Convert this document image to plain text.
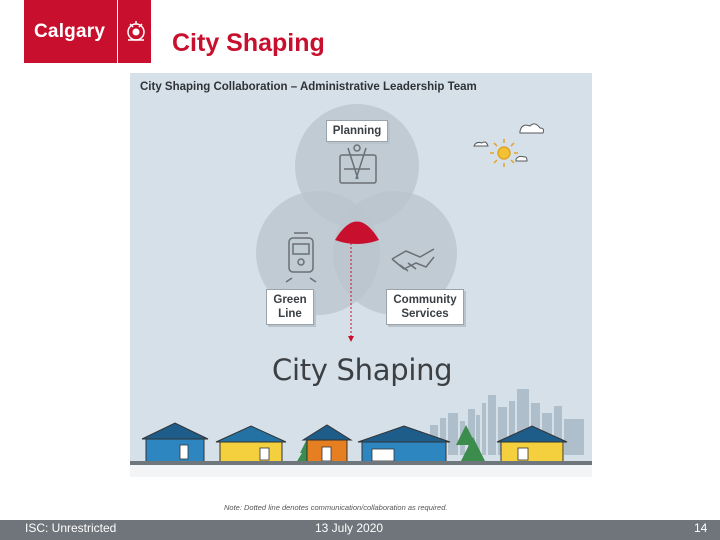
Calgary	City Shaping
City Shaping Collaboration – Administrative Leadership Team
Planning
Green
Line
Community
Services
City Shaping
Note: Dotted line denotes communication/collaboration as required.
ISC: Unrestricted	13 July 2020	14
